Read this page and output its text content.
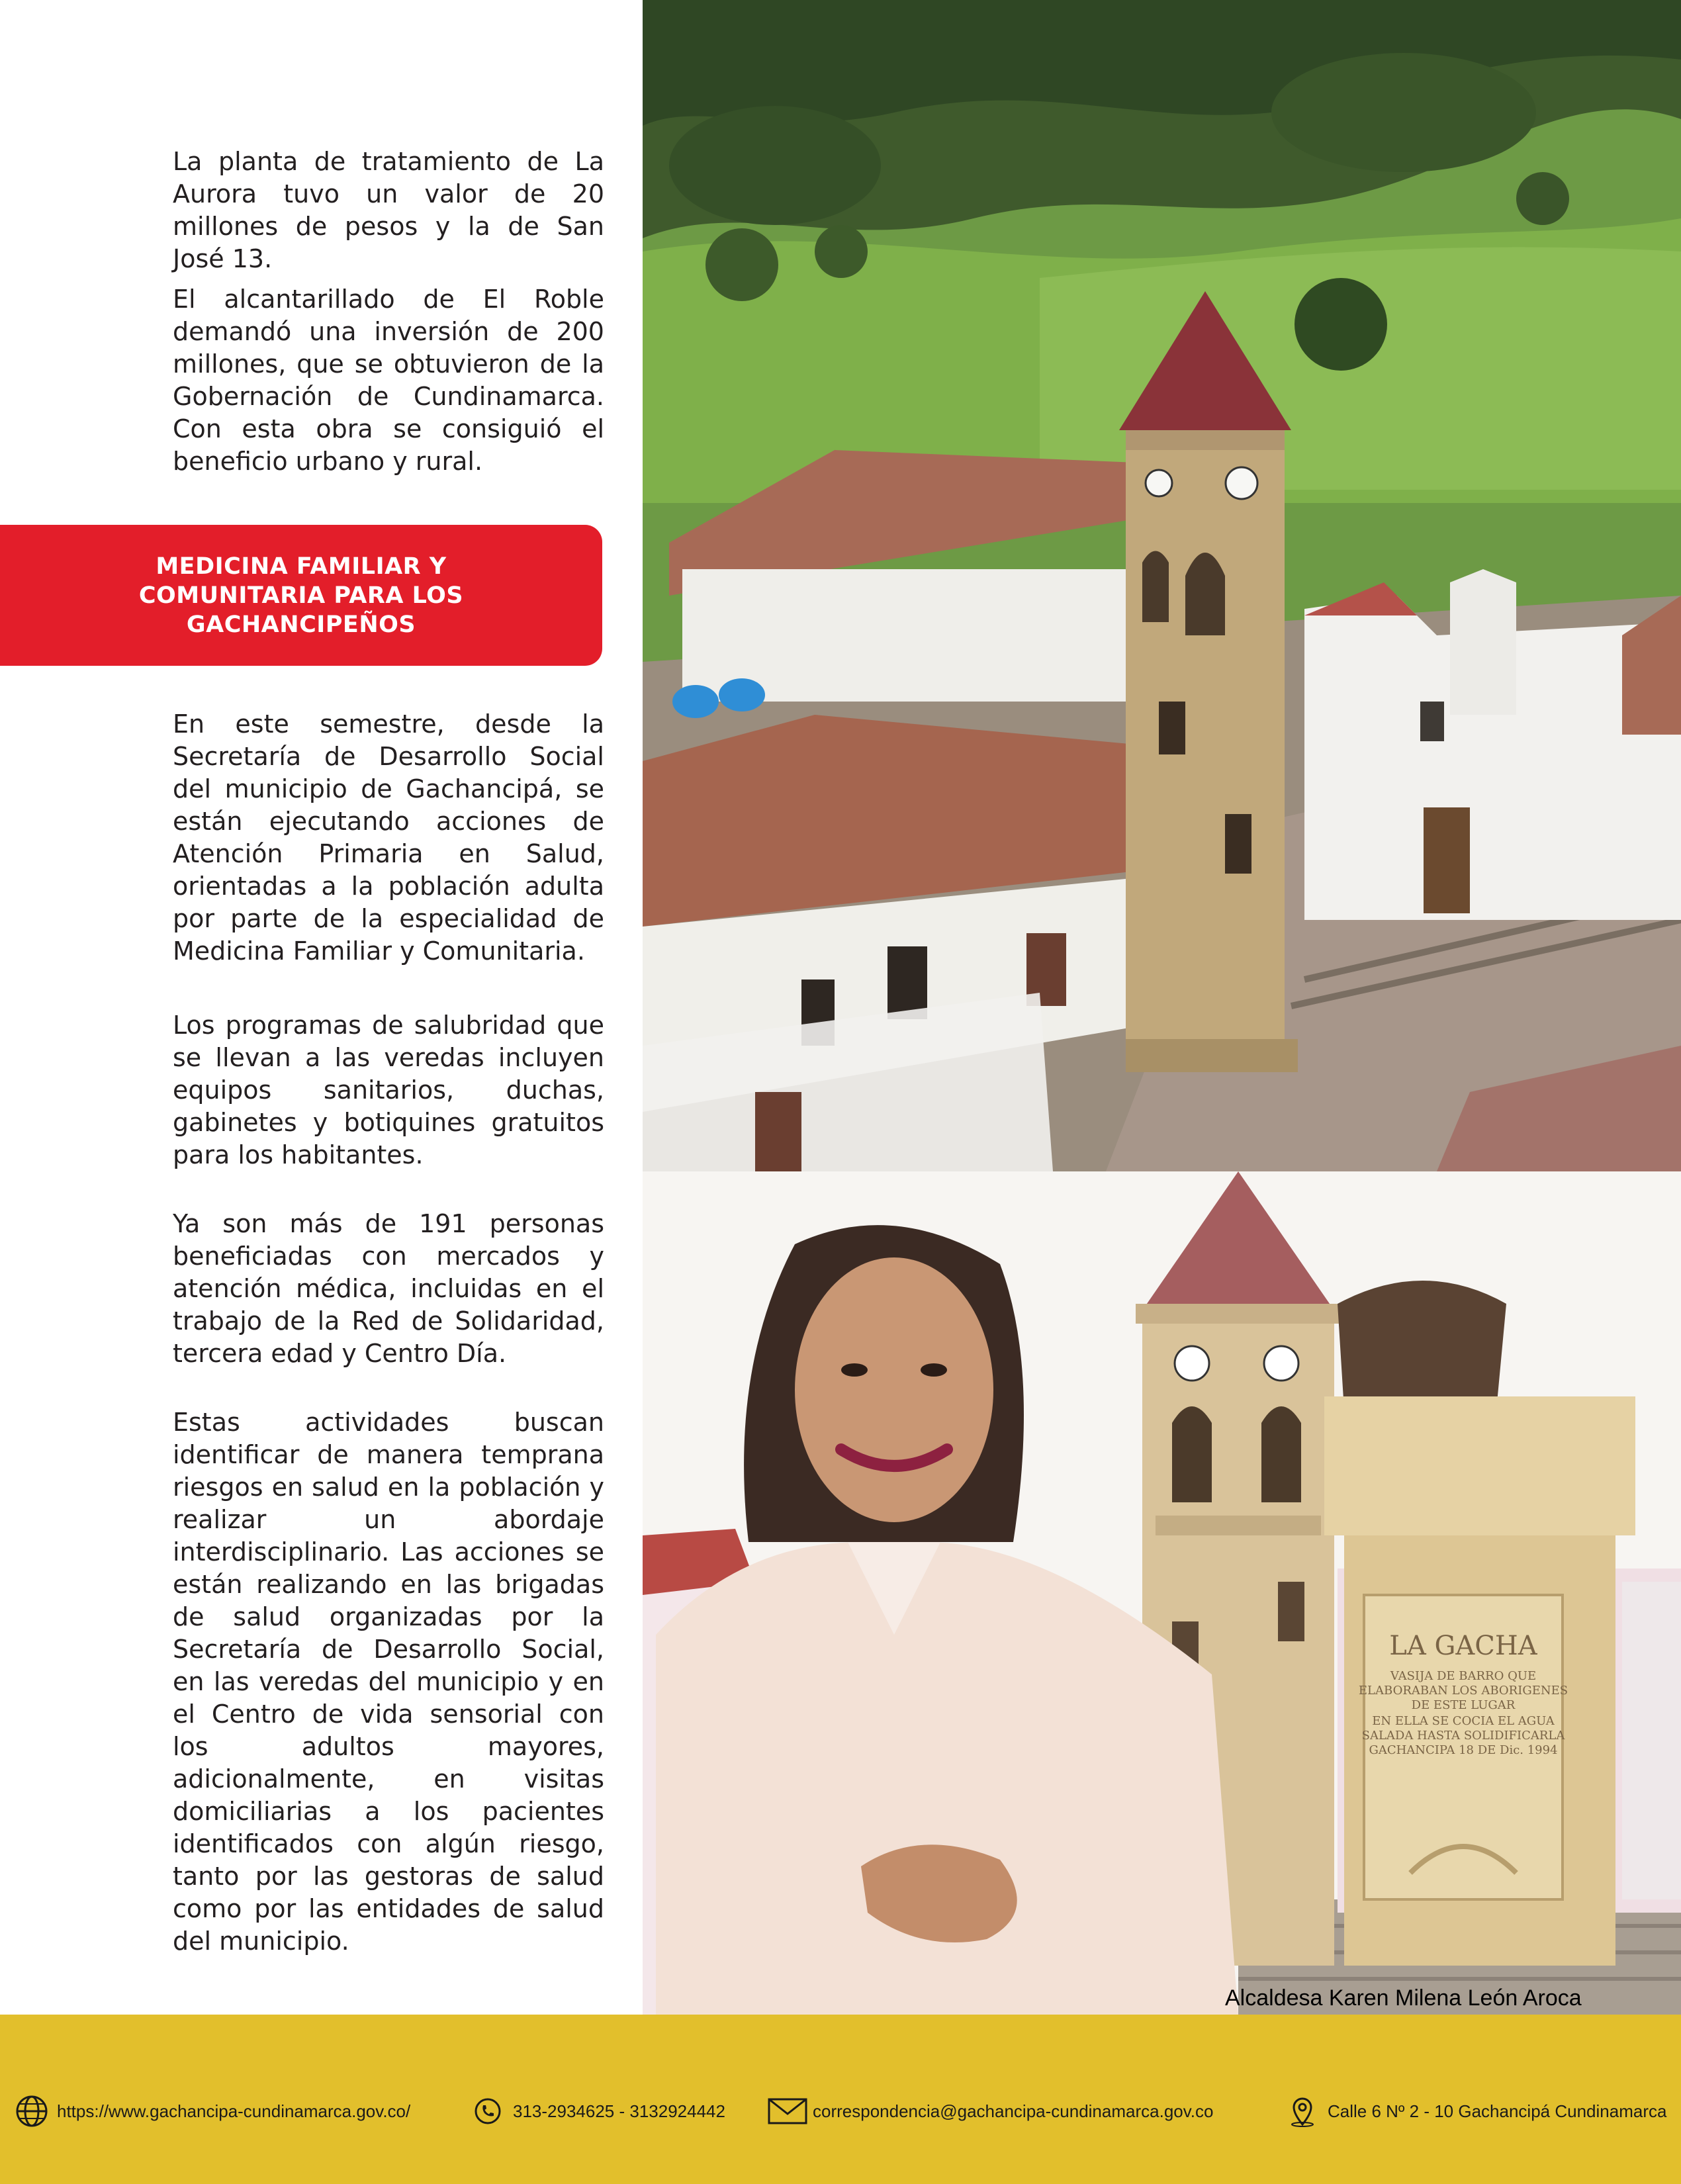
La planta de tratamiento de La Aurora tuvo un valor de 20 millones de pesos y la de San José 13.

El alcantarillado de El Roble demandó una inversión de 200 millones, que se obtuvieron de la Gobernación de Cundinamarca. Con esta obra se consiguió el beneficio urbano y rural.

En este semestre, desde la Secretaría de Desarrollo Social del municipio de Gachancipá, se están ejecutando acciones de Atención Primaria en Salud, orientadas a la población adulta por parte de la especialidad de Medicina Familiar y Comunitaria.

Los programas de salubridad que se llevan a las veredas incluyen equipos sanitarios, duchas, gabinetes y botiquines gratuitos para los habitantes.

Ya son más de 191 personas beneficiadas con mercados y atención médica, incluidas en el trabajo de la Red de Solidaridad, tercera edad y Centro Día.

Estas actividades buscan identificar de manera temprana riesgos en salud en la población y realizar un abordaje interdisciplinario. Las acciones se están realizando en las brigadas de salud organizadas por la Secretaría de Desarrollo Social, en las veredas del municipio y en el Centro de vida sensorial con los adultos mayores, adicionalmente, en visitas domiciliarias a los pacientes identificados con algún riesgo, tanto por las gestoras de salud como por las entidades de salud del municipio.

MEDICINA FAMILIAR Y COMUNITARIA PARA LOS GACHANCIPEÑOS
LA GACHA
VASIJA DE BARRO QUE
ELABORABAN LOS ABORIGENES
DE ESTE LUGAR
EN ELLA SE COCIA EL AGUA
SALADA HASTA SOLIDIFICARLA
GACHANCIPA 18 DE Dic. 1994
Alcaldesa Karen Milena León Aroca
https://www.gachancipa-cundinamarca.gov.co/	313-2934625 - 3132924442	correspondencia@gachancipa-cundinamarca.gov.co	Calle 6 Nº 2 - 10 Gachancipá Cundinamarca
